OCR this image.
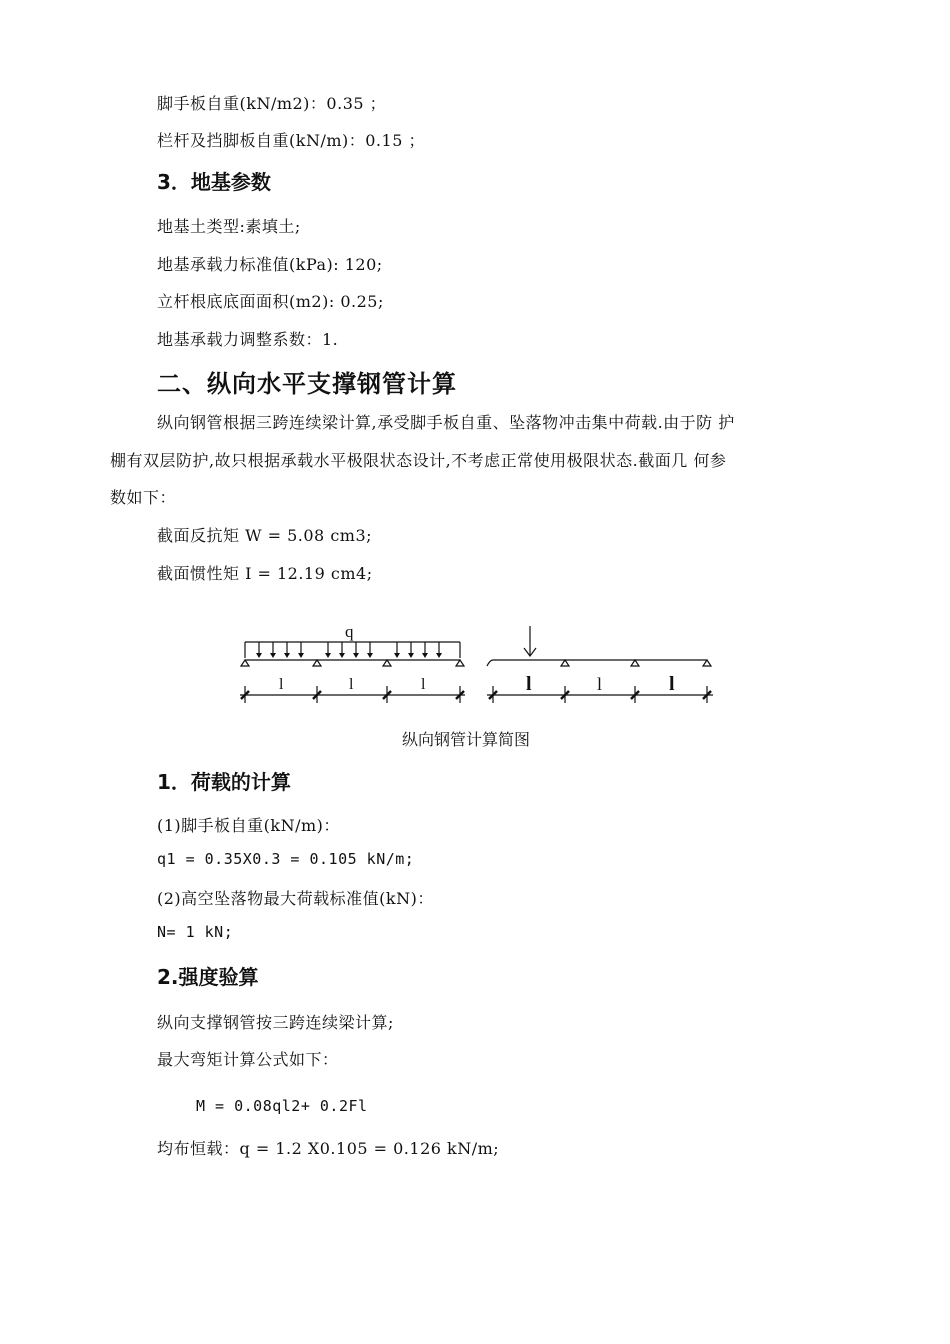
脚手板自重(kN/m2)：0.35 ；
栏杆及挡脚板自重(kN/m)：0.15 ；
3．地基参数
地基土类型:素填土;
地基承载力标准值(kPa): 120;
立杆根底底面面积(m2): 0.25;
地基承载力调整系数：1.
二、纵向水平支撑钢管计算
纵向钢管根据三跨连续梁计算,承受脚手板自重、坠落物冲击集中荷载.由于防 护
棚有双层防护,故只根据承载水平极限状态设计,不考虑正常使用极限状态.截面几 何参
数如下：
截面反抗矩 W = 5.08 cm3;
截面惯性矩 I = 12.19 cm4;
q
l	l	l	l	l	l
纵向钢管计算简图
1．荷载的计算
(1)脚手板自重(kN/m)：
q1 = 0.35X0.3 = 0.105 kN/m;
(2)高空坠落物最大荷载标准值(kN)：
N= 1 kN;
2.强度验算
纵向支撑钢管按三跨连续梁计算;
最大弯矩计算公式如下：
M = 0.08ql2+ 0.2Fl
均布恒载：q = 1.2 X0.105 = 0.126 kN/m;
